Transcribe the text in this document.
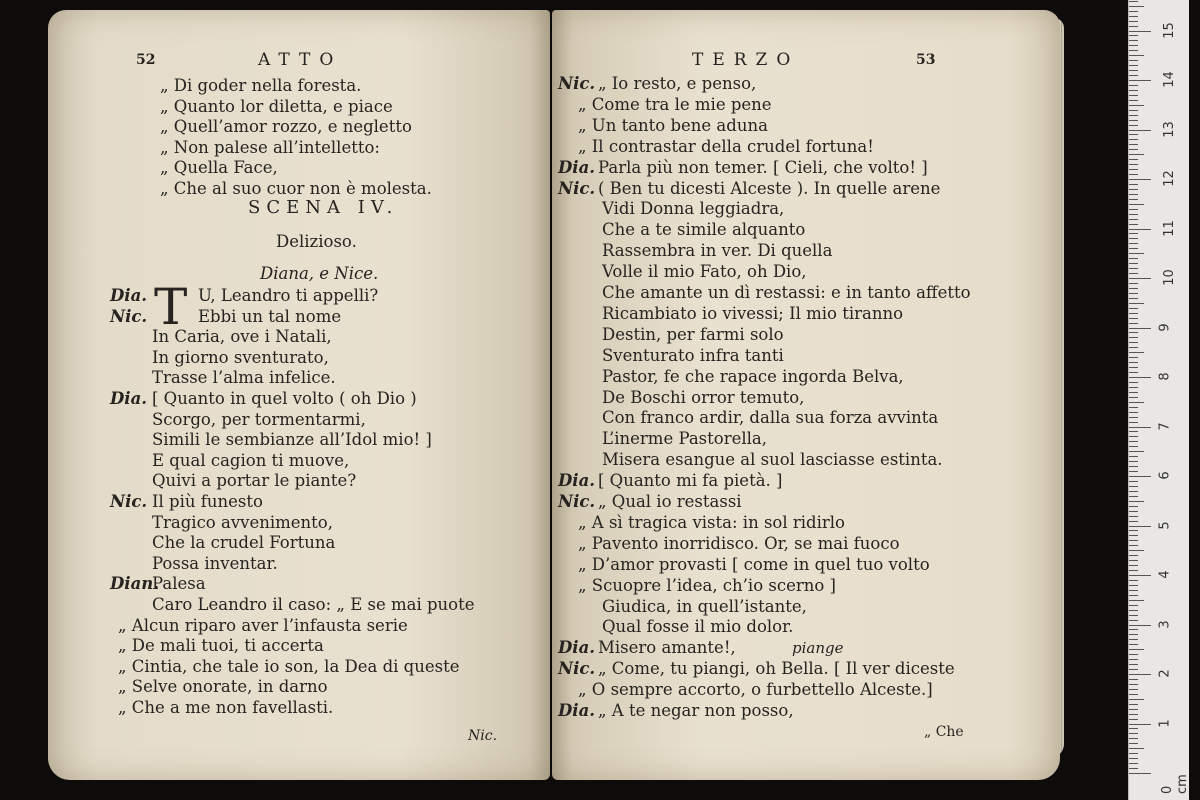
52	ATTO
„ Di goder nella foresta.
„ Quanto lor diletta, e piace
„ Quell’amor rozzo, e negletto
„ Non palese all’intelletto:
„ Quella Face,
„ Che al suo cuor non è molesta.
SCENA IV.
Delizioso.
Diana, e Nice.
T
Dia.	U, Leandro ti appelli?
Nic.	Ebbi un tal nome
In Caria, ove i Natali,
In giorno sventurato,
Trasse l’alma infelice.
Dia. [ Quanto in quel volto ( oh Dio )
Scorgo, per tormentarmi,
Simili le sembianze all’Idol mio! ]
E qual cagion ti muove,
Quivi a portar le piante?
Nic. Il più funesto
Tragico avvenimento,
Che la crudel Fortuna
Possa inventar.
Dian.
Palesa
Caro Leandro il caso: „ E se mai puote
„ Alcun riparo aver l’infausta serie
„ De mali tuoi, ti accerta
„ Cintia, che tale io son, la Dea di queste
„ Selve onorate, in darno
„ Che a me non favellasti.
Nic.
TERZO	53
Nic. „ Io resto, e penso,
„ Come tra le mie pene
„ Un tanto bene aduna
„ Il contrastar della crudel fortuna!
Dia. Parla più non temer. [ Cieli, che volto! ]
Nic. ( Ben tu dicesti Alceste ). In quelle arene
Vidi Donna leggiadra,
Che a te simile alquanto
Rassembra in ver. Di quella
Volle il mio Fato, oh Dio,
Che amante un dì restassi: e in tanto affetto
Ricambiato io vivessi; Il mio tiranno
Destin, per farmi solo
Sventurato infra tanti
Pastor, fe che rapace ingorda Belva,
De Boschi orror temuto,
Con franco ardir, dalla sua forza avvinta
L’inerme Pastorella,
Misera esangue al suol lasciasse estinta.
Dia. [ Quanto mi fa pietà. ]
Nic. „ Qual io restassi
„ A sì tragica vista: in sol ridirlo
„ Pavento inorridisco. Or, se mai fuoco
„ D’amor provasti [ come in quel tuo volto
„ Scuopre l’idea, ch’io scerno ]
Giudica, in quell’istante,
Qual fosse il mio dolor.
Dia. Misero amante!,
Nic. „ Come, tu piangi, oh Bella. [ Il ver diceste
„ O sempre accorto, o furbettello Alceste.]
Dia. „ A te negar non posso,
piange
„ Che
15
14
13
12
11
10
9
8
7
6
5
4
3
2
1
0 cm
